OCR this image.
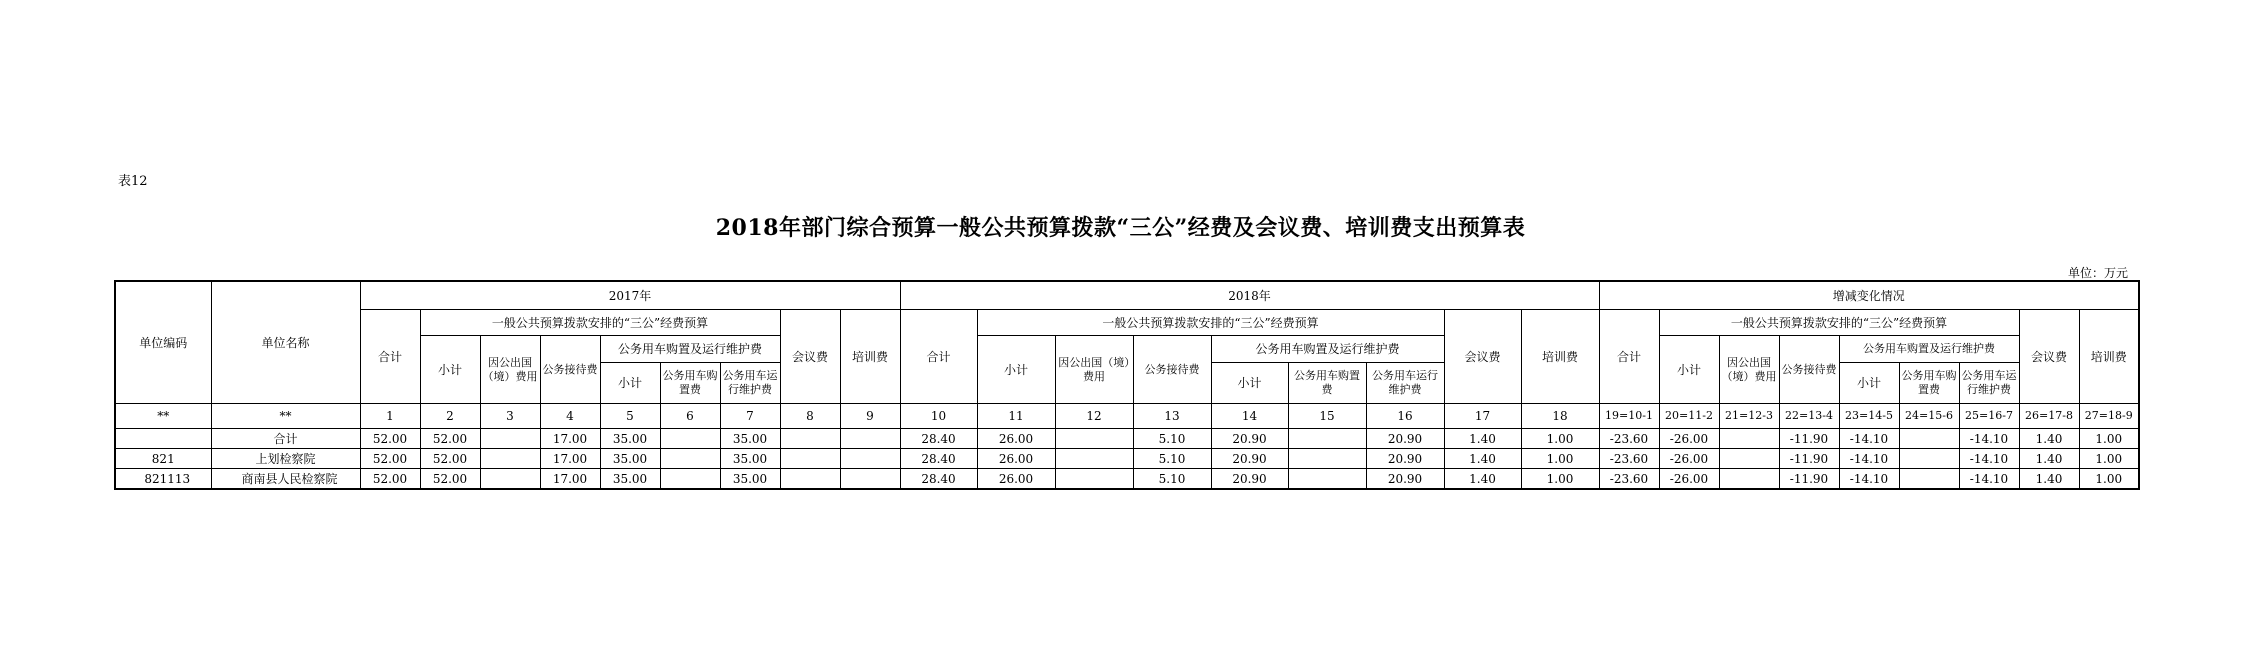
表12
2018年部门综合预算一般公共预算拨款“三公”经费及会议费、培训费支出预算表
单位：万元
单位编码	单位名称	2017年									2018年									增减变化情况								
		合计	一般公共预算拨款安排的“三公”经费预算						会议费	培训费	合计	一般公共预算拨款安排的“三公”经费预算						会议费	培训费	合计	一般公共预算拨款安排的“三公”经费预算						会议费	培训费
			小计	因公出国（境）费用	公务接待费	公务用车购置及运行维护费						小计	因公出国（境）费用	公务接待费	公务用车购置及运行维护费						小计	因公出国（境）费用	公务接待费	公务用车购置及运行维护费				
						小计	公务用车购置费	公务用车运行维护费							小计	公务用车购置费	公务用车运行维护费							小计	公务用车购置费	公务用车运行维护费		
**	**	1	2	3	4	5	6	7	8	9	10	11	12	13	14	15	16	17	18	19=10-1	20=11-2	21=12-3	22=13-4	23=14-5	24=15-6	25=16-7	26=17-8	27=18-9
	合计	52.00	52.00		17.00	35.00		35.00			28.40	26.00		5.10	20.90		20.90	1.40	1.00	-23.60	-26.00		-11.90	-14.10		-14.10	1.40	1.00
821	上划检察院	52.00	52.00		17.00	35.00		35.00			28.40	26.00		5.10	20.90		20.90	1.40	1.00	-23.60	-26.00		-11.90	-14.10		-14.10	1.40	1.00
821113	商南县人民检察院	52.00	52.00		17.00	35.00		35.00			28.40	26.00		5.10	20.90		20.90	1.40	1.00	-23.60	-26.00		-11.90	-14.10		-14.10	1.40	1.00
